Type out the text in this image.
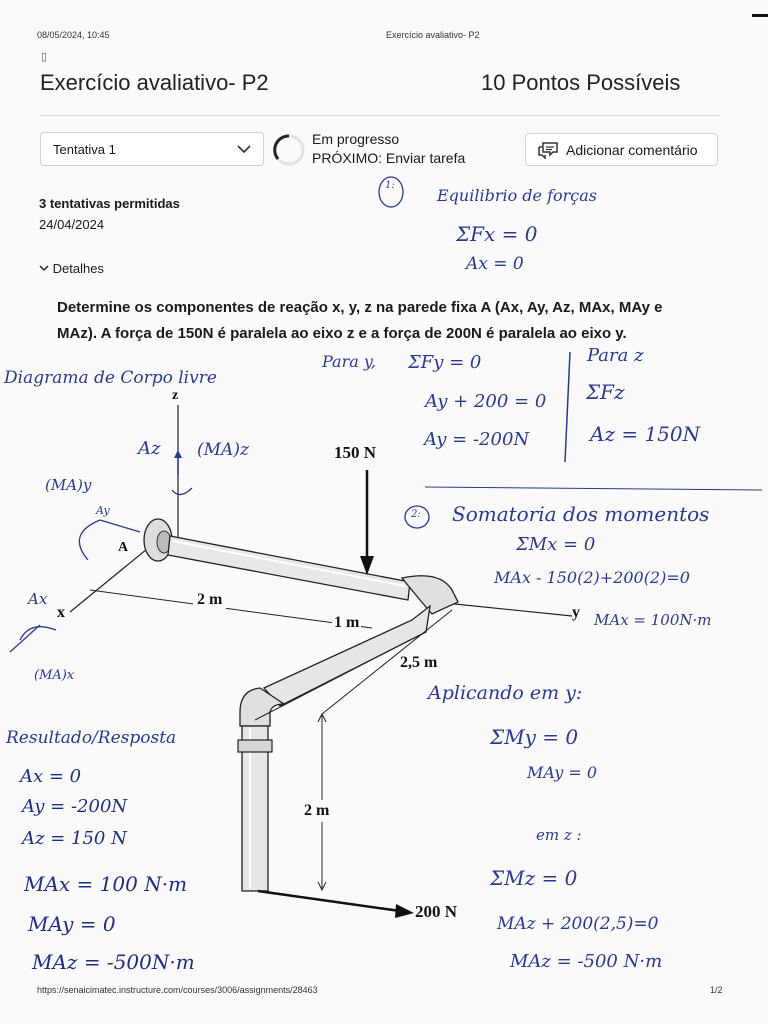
08/05/2024, 10:45	Exercício avaliativo- P2
▯
Exercício avaliativo- P2	10 Pontos Possíveis
Tentativa 1
Em progresso
PRÓXIMO: Enviar tarefa	Adicionar comentário
3 tentativas permitidas
24/04/2024
Detalhes
Determine os componentes de reação x, y, z na parede fixa A (Ax, Ay, Az, MAx, MAy e MAz). A força de 150N é paralela ao eixo z e a força de 200N é paralela ao eixo y.
z
x	y
A
150 N
200 N
2 m
1 m
2,5 m
2 m
1:
Equilibrio de forças
ΣFx = 0
Ax = 0
Para y, ΣFy = 0
Ay + 200 = 0
Ay = -200N
Para z
ΣFz
Az = 150N
Diagrama de Corpo livre
Az (MA)z
(MA)y
Ay
Ax
(MA)x
2: Somatoria dos momentos
ΣMx = 0
MAx - 150(2)+200(2)=0
MAx = 100N·m
Aplicando em y:
ΣMy = 0
MAy = 0
em z :
ΣMz = 0
MAz + 200(2,5)=0
MAz = -500 N·m
Resultado/Resposta
Ax = 0
Ay = -200N
Az = 150 N
MAx = 100 N·m
MAy = 0
MAz = -500N·m
https://senaicimatec.instructure.com/courses/3006/assignments/28463	1/2
